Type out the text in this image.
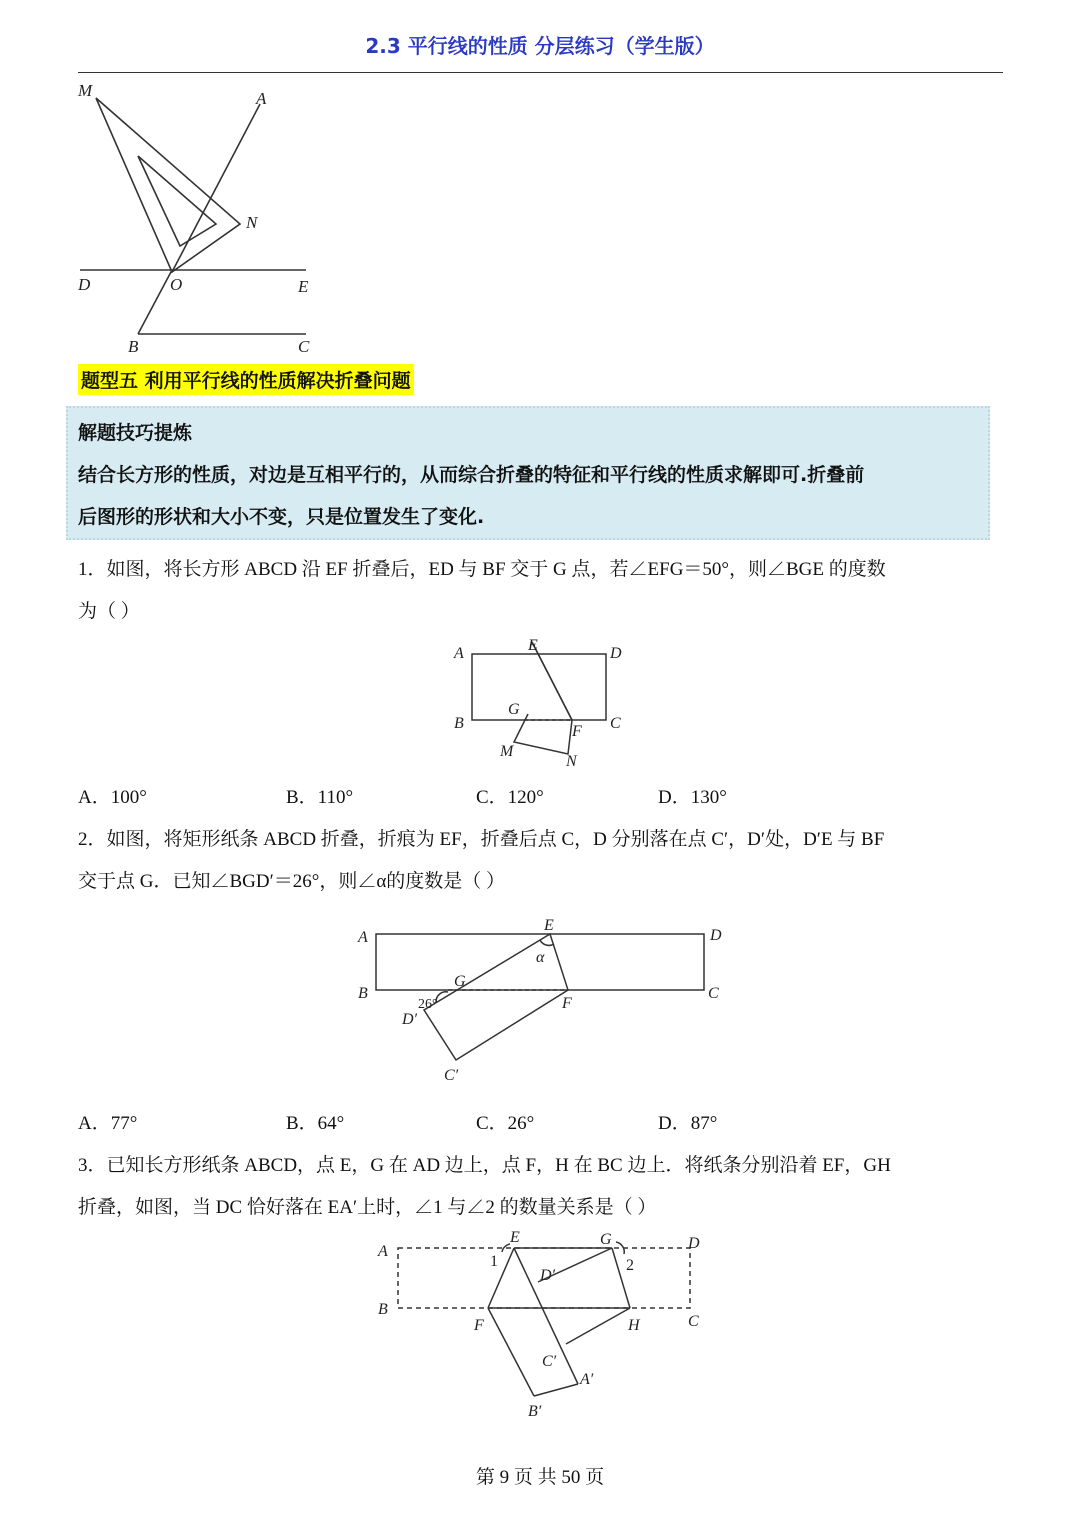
2.3 平行线的性质 分层练习（学生版）
M	A
N
D	O	E
B	C
题型五 利用平行线的性质解决折叠问题
解题技巧提炼
结合长方形的性质，对边是互相平行的，从而综合折叠的特征和平行线的性质求解即可.折叠前
后图形的形状和大小不变，只是位置发生了变化.
1．如图，将长方形 ABCD 沿 EF 折叠后，ED 与 BF 交于 G 点，若∠EFG＝50°，则∠BGE 的度数
为（ ）
A	E	D
B
G
F C
M
N
A．100°	B．110°	C．120°	D．130°
2．如图，将矩形纸条 ABCD 折叠，折痕为 EF，折叠后点 C，D 分别落在点 C′，D′处，D′E 与 BF
交于点 G．已知∠BGD′＝26°，则∠α的度数是（ ）
A
E
D
α
B
G
F
C
26°
D′
C′
A．77°	B．64°	C．26°	D．87°
3．已知长方形纸条 ABCD，点 E，G 在 AD 边上，点 F，H 在 BC 边上．将纸条分别沿着 EF，GH
折叠，如图，当 DC 恰好落在 EA′上时，∠1 与∠2 的数量关系是（ ）
A
E	G	D
1	2
D′
B
F	H	C
C′
A′
B′
第 9 页 共 50 页
